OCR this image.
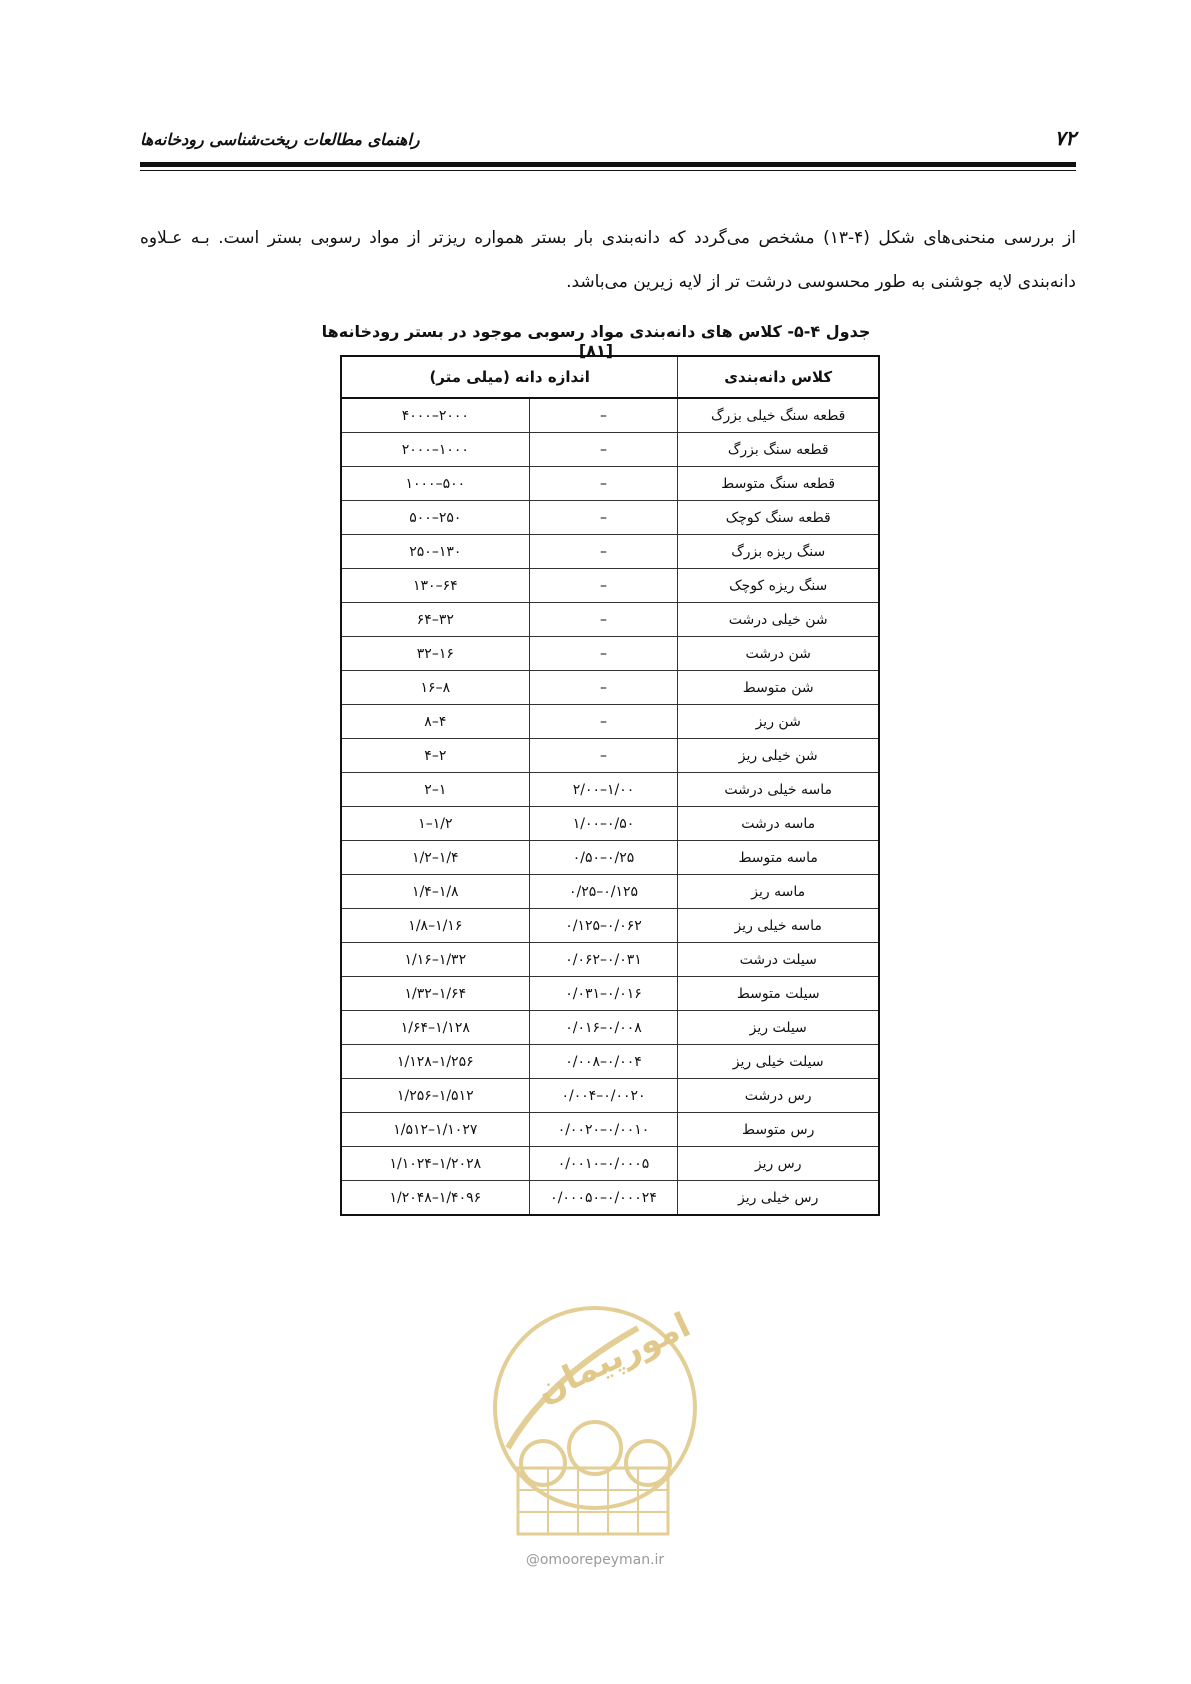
۷۲
راهنمای مطالعات ریخت‌شناسی رودخانه‌ها

از بررسی منحنی‌های شکل (۴-۱۳) مشخص می‌گردد که دانه‌بندی بار بستر همواره ریزتر از مواد رسوبی بستر است. بـه عـلاوه دانه‌بندی لایه جوشنی به طور محسوسی درشت تر از لایه زیرین می‌باشد.

جدول ۴-۵- کلاس های دانه‌بندی مواد رسوبی موجود در بستر رودخانه‌ها [۸۱]
کلاس دانه‌بندی	اندازه دانه (میلی متر)	
قطعه سنگ خیلی بزرگ	–	۲۰۰۰–۴۰۰۰
قطعه سنگ بزرگ	–	۱۰۰۰–۲۰۰۰
قطعه سنگ متوسط	–	۵۰۰–۱۰۰۰
قطعه سنگ کوچک	–	۲۵۰–۵۰۰
سنگ ریزه بزرگ	–	۱۳۰–۲۵۰
سنگ ریزه کوچک	–	۶۴–۱۳۰
شن خیلی درشت	–	۳۲–۶۴
شن درشت	–	۱۶–۳۲
شن متوسط	–	۸–۱۶
شن ریز	–	۴–۸
شن خیلی ریز	–	۲–۴
ماسه خیلی درشت	۱/۰۰–۲/۰۰	۱–۲
ماسه درشت	۰/۵۰–۱/۰۰	۱/۲–۱
ماسه متوسط	۰/۲۵–۰/۵۰	۱/۴–۱/۲
ماسه ریز	۰/۱۲۵–۰/۲۵	۱/۸–۱/۴
ماسه خیلی ریز	۰/۰۶۲–۰/۱۲۵	۱/۱۶–۱/۸
سیلت درشت	۰/۰۳۱–۰/۰۶۲	۱/۳۲–۱/۱۶
سیلت متوسط	۰/۰۱۶–۰/۰۳۱	۱/۶۴–۱/۳۲
سیلت ریز	۰/۰۰۸–۰/۰۱۶	۱/۱۲۸–۱/۶۴
سیلت خیلی ریز	۰/۰۰۴–۰/۰۰۸	۱/۲۵۶–۱/۱۲۸
رس درشت	۰/۰۰۲۰–۰/۰۰۴	۱/۵۱۲–۱/۲۵۶
رس متوسط	۰/۰۰۱۰–۰/۰۰۲۰	۱/۱۰۲۷–۱/۵۱۲
رس ریز	۰/۰۰۰۵–۰/۰۰۱۰	۱/۲۰۲۸–۱/۱۰۲۴
رس خیلی ریز	۰/۰۰۰۲۴–۰/۰۰۰۵۰	۱/۴۰۹۶–۱/۲۰۴۸
امورپیمان
@omoorepeyman.ir
